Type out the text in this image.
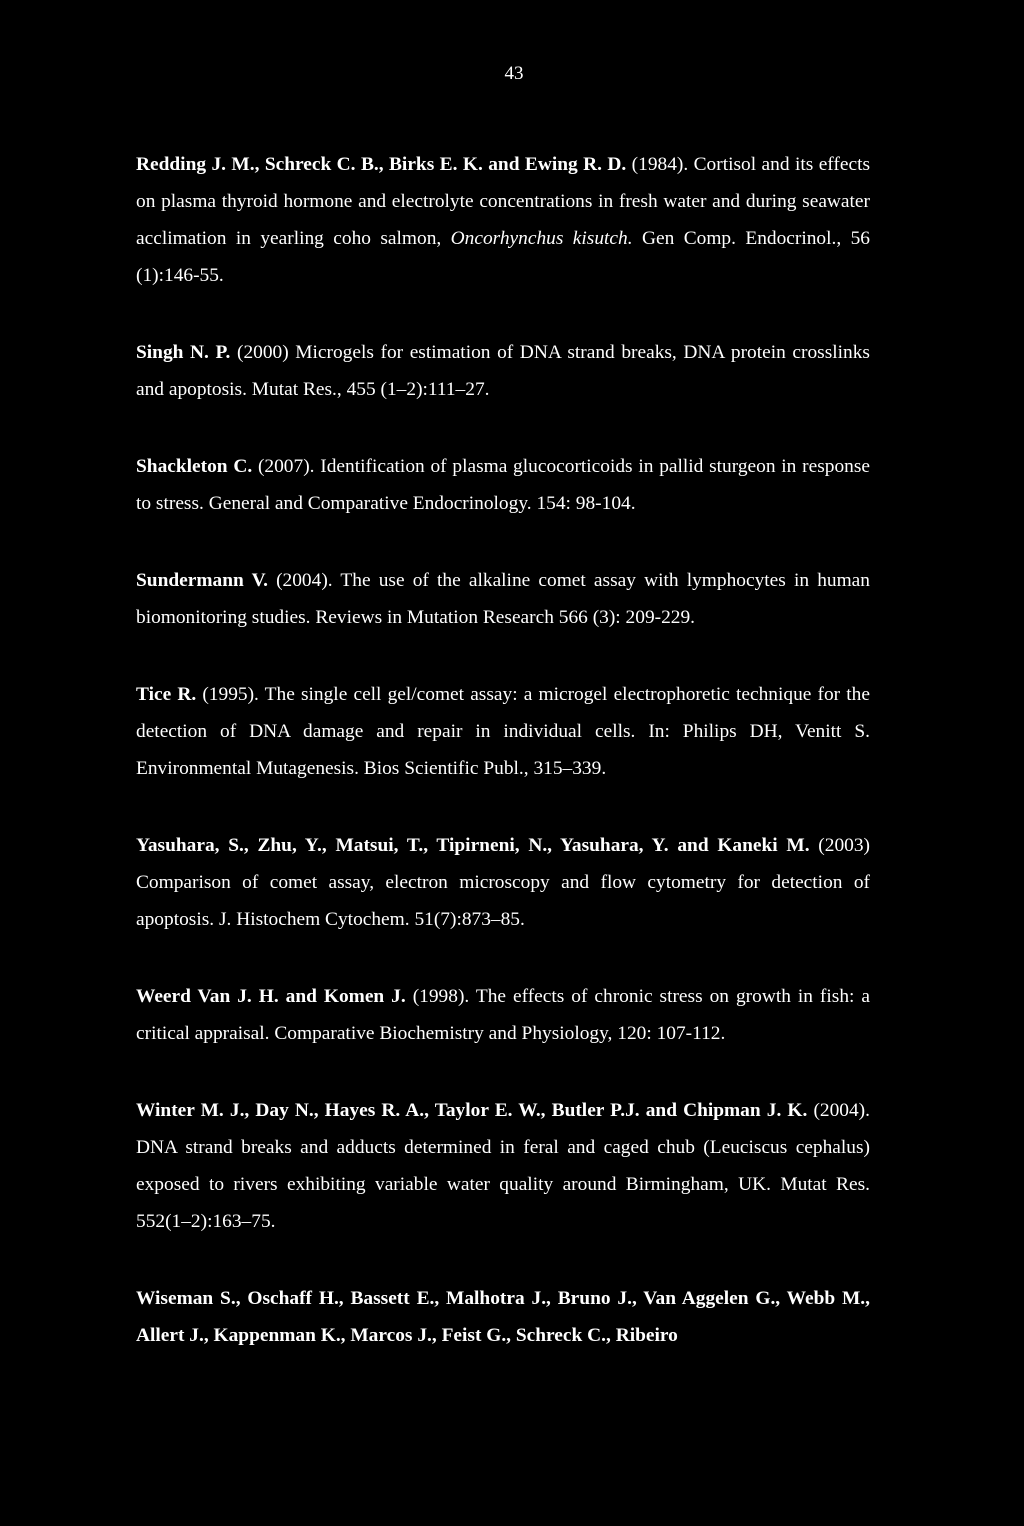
43

Redding J. M., Schreck C. B., Birks E. K. and Ewing R. D. (1984). Cortisol and its effects on plasma thyroid hormone and electrolyte concentrations in fresh water and during seawater acclimation in yearling coho salmon, Oncorhynchus kisutch. Gen Comp. Endocrinol., 56 (1):146-55.

Singh N. P. (2000) Microgels for estimation of DNA strand breaks, DNA protein crosslinks and apoptosis. Mutat Res., 455 (1–2):111–27.

Shackleton C. (2007). Identification of plasma glucocorticoids in pallid sturgeon in response to stress. General and Comparative Endocrinology. 154: 98-104.

Sundermann V. (2004). The use of the alkaline comet assay with lymphocytes in human biomonitoring studies. Reviews in Mutation Research 566 (3): 209-229.

Tice R. (1995). The single cell gel/comet assay: a microgel electrophoretic technique for the detection of DNA damage and repair in individual cells. In: Philips DH, Venitt S. Environmental Mutagenesis. Bios Scientific Publ., 315–339.

Yasuhara, S., Zhu, Y., Matsui, T., Tipirneni, N., Yasuhara, Y. and Kaneki M. (2003) Comparison of comet assay, electron microscopy and flow cytometry for detection of apoptosis. J. Histochem Cytochem. 51(7):873–85.

Weerd Van J. H. and Komen J. (1998). The effects of chronic stress on growth in fish: a critical appraisal. Comparative Biochemistry and Physiology, 120: 107-112.

Winter M. J., Day N., Hayes R. A., Taylor E. W., Butler P.J. and Chipman J. K. (2004). DNA strand breaks and adducts determined in feral and caged chub (Leuciscus cephalus) exposed to rivers exhibiting variable water quality around Birmingham, UK. Mutat Res. 552(1–2):163–75.

Wiseman S., Oschaff H., Bassett E., Malhotra J., Bruno J., Van Aggelen G., Webb M., Allert J., Kappenman K., Marcos J., Feist G., Schreck C., Ribeiro
